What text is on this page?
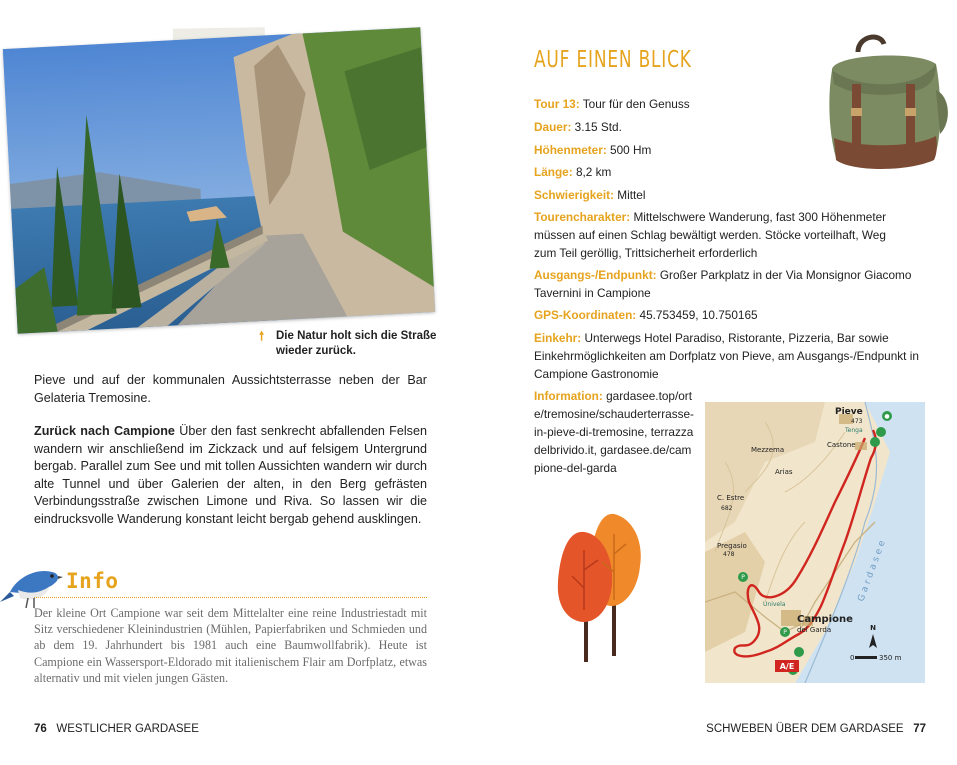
🠕 Die Natur holt sich die Straße wieder zurück.
Pieve und auf der kommunalen Aussichtsterrasse neben der Bar Gelateria Tremosine.
Zurück nach Campione Über den fast senkrecht abfallenden Felsen wandern wir anschließend im Zickzack und auf felsigem Untergrund bergab. Parallel zum See und mit tollen Aussichten wandern wir durch alte Tunnel und über Galerien der alten, in den Berg gefrästen Verbindungsstraße zwischen Limone und Riva. So lassen wir die eindrucksvolle Wanderung konstant leicht bergab gehend ausklingen.
Info
Der kleine Ort Campione war seit dem Mittelalter eine reine Industriestadt mit Sitz verschiedener Kleinindustrien (Mühlen, Papierfabriken und Schmieden und ab dem 19. Jahrhundert bis 1981 auch eine Baumwollfabrik). Heute ist Campione ein Wassersport-Eldorado mit italienischem Flair am Dorfplatz, etwas alternativ und mit vielen jungen Gästen.
76 WESTLICHER GARDASEE
AUF EINEN BLICK
Tour 13: Tour für den Genuss
Dauer: 3.15 Std.
Höhenmeter: 500 Hm
Länge: 8,2 km
Schwierigkeit: Mittel
Tourencharakter: Mittelschwere Wanderung, fast 300 Höhenmeter müssen auf einen Schlag bewältigt werden. Stöcke vorteilhaft, Weg zum Teil geröllig, Trittsicherheit erforderlich
Ausgangs-/Endpunkt: Großer Parkplatz in der Via Monsignor Giacomo Tavernini in Campione
GPS-Koordinaten: 45.753459, 10.750165
Einkehr: Unterwegs Hotel Paradiso, Ristorante, Pizzeria, Bar sowie Einkehrmöglichkeiten am Dorfplatz von Pieve, am Ausgangs-/Endpunkt in Campione Gastronomie
Information: gardasee.top/orte/tremosine/schauderterrasse-in-pieve-di-tremosine, terrazzadelbrivido.it, gardasee.de/campione-del-garda
●
P
P
Pieve
473
Tenga
Castone
Mezzema
Arias
C. Estre
682
Pregasio
478
Univela
Campione
del Garda
Gardasee
A/E
N
0	350 m
SCHWEBEN ÜBER DEM GARDASEE 77
